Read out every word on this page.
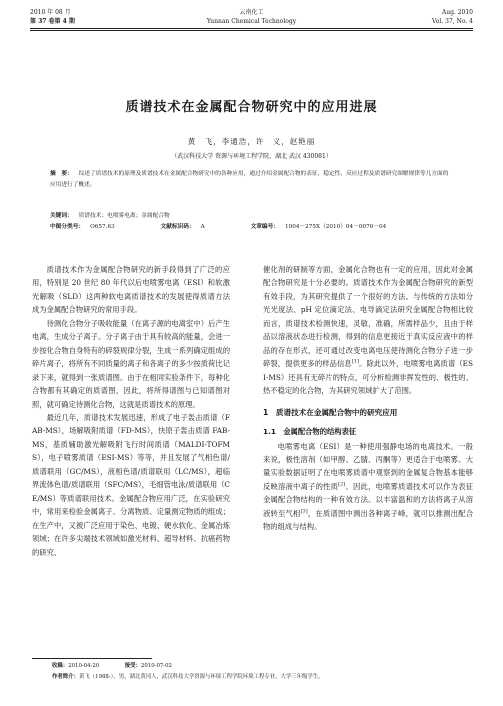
2010 年 08 月
第 37 卷第 4 期
云南化工
Yunnan Chemical Technology
Aug. 2010
Vol. 37, No. 4
质谱技术在金属配合物研究中的应用进展
黄　飞，李通浩，许　义，赵艳丽
（武汉科技大学 资源与环境工程学院，湖北 武汉 430081）
摘　要： 综述了质谱技术的原理及质谱技术在金属配合物研究中的各种应用，通过介绍金属配合物的表征、稳定性、反应过程及质谱研究图解规律等几方面的应用进行了概述。
关键词： 质谱技术；电喷雾电离；金属配合物
中图分类号： O657.63	文献标识码： A	文章编号： 1004－275X（2010）04－0076－04

质谱技术作为金属配合物研究的新手段得到了广泛的应用，特别是 20 世纪 80 年代以后电喷雾电离（ESI）和软激光解吸（SLD）这两种软电离质谱技术的发展使得质谱方法成为金属配合物研究的常用手段。

待测化合物分子吸收能量（在离子源的电离室中）后产生电离，生成分子离子。分子离子由于具有较高的能量，会进一步按化合物自身特有的碎裂规律分裂，生成一系列确定组成的碎片离子，将所有不同质量的离子和各离子的多少按质荷比记录下来，就得到一张质谱图。由于在相同实验条件下，每种化合物都有其确定的质谱图，因此，将所得谱图与已知谱图对照，就可确定待测化合物，这就是质谱技术的原理。

最近几年，质谱技术发展迅速，形成了电子轰击质谱（FAB-MS），场解吸附质谱（FD-MS），快原子轰击质谱 FAB-MS，基质辅助激光解吸附飞行时间质谱（MALDI-TOFMS），电子喷雾质谱（ESI-MS）等等，并且发展了气相色谱/质谱联用（GC/MS），液相色谱/质谱联用（LC/MS），超临界流体色谱/质谱联用（SFC/MS），毛细管电泳/质谱联用（CE/MS）等质谱联用技术。金属配合物应用广泛，在实验研究中，常用来检验金属离子、分离物质、定量测定物质的组成；在生产中，又被广泛应用于染色、电镀、硬水软化、金属冶炼领域；在许多尖端技术领域如激光材料、超导材料、抗癌药物的研究、

催化剂的研制等方面，金属化合物也有一定的应用，因此对金属配合物研究是十分必要的。质谱技术作为金属配合物研究的新型有效手段，为其研究提供了一个很好的方法。与传统的方法如分光光度法、pH 定位滴定法、电导滴定法研究金属配合物相比较而言，质谱技术检测快速，灵敏，准确，所需样品少，且由于样品以溶液状态进行检测，得到的信息更接近于真实反应液中的样品的存在形式，还可通过改变电离电压使待测化合物分子进一步碎裂，提供更多的样品信息[1]。除此以外，电喷雾电离质谱（ESI-MS）还具有无碎片的特点，可分析检测非挥发性的、极性的、热不稳定的化合物，为其研究领域扩大了范围。

1　质谱技术在金属配合物中的研究应用
1.1　金属配合物的结构表征

电喷雾电离（ESI）是一种使用强静电场的电离技术。一般来说，极性溶剂（如甲醇、乙腈、丙酮等）更适合于电喷雾。大量实验数据证明了在电喷雾质谱中观察到的金属复合物基本能够反映溶液中离子的性质[2]。因此，电喷雾质谱技术可以作为表征金属配合物结构的一种有效方法。以丰富温和的方法将离子从溶液转至气相[3]，在质谱图中测出各种离子峰，就可以推测出配合物的组成与结构。

收稿：2010-04-20	接受：2010-07-02
作者简介：黄飞（1988-），男，湖北黄冈人，武汉科技大学资源与环境工程学院环境工程专业，大学三年级学生。
